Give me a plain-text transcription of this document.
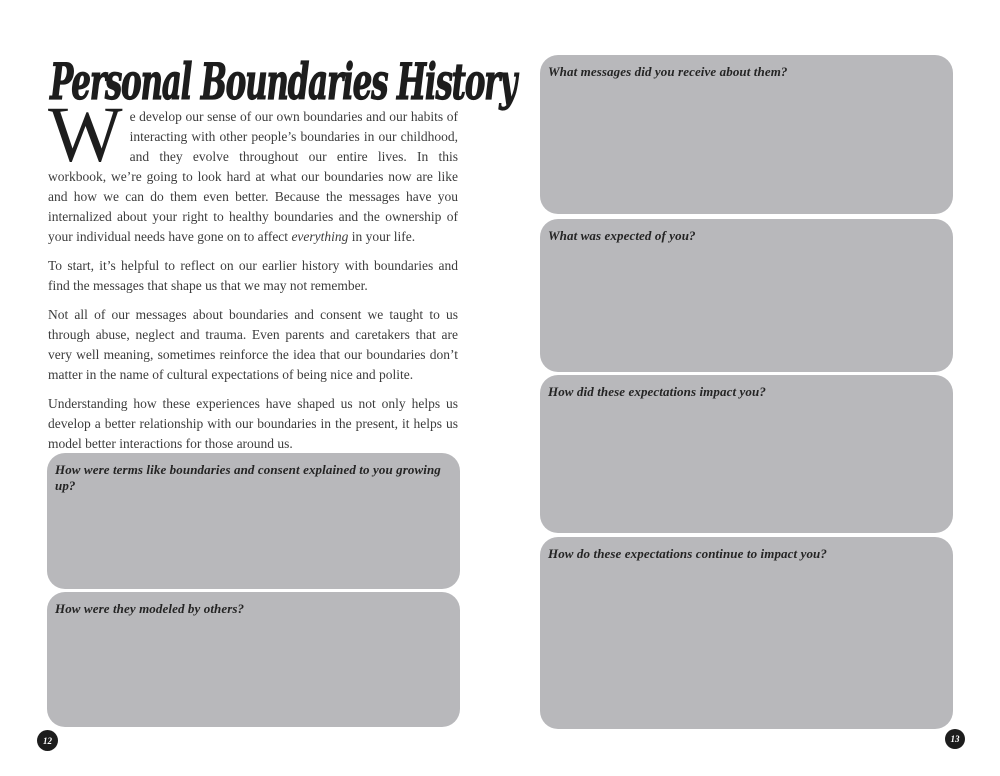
Personal Boundaries History

We develop our sense of our own boundaries and our habits of interacting with other people’s boundaries in our childhood, and they evolve throughout our entire lives. In this workbook, we’re going to look hard at what our boundaries now are like and how we can do them even better. Because the messages have you internalized about your right to healthy boundaries and the ownership of your individual needs have gone on to affect everything in your life.

To start, it’s helpful to reflect on our earlier history with boundaries and find the messages that shape us that we may not remember.

Not all of our messages about boundaries and consent we taught to us through abuse, neglect and trauma. Even parents and caretakers that are very well meaning, sometimes reinforce the idea that our boundaries don’t matter in the name of cultural expectations of being nice and polite.

Understanding how these experiences have shaped us not only helps us develop a better relationship with our boundaries in the present, it helps us model better interactions for those around us.

How were terms like boundaries and consent explained to you growing up?
How were they modeled by others?
12
What messages did you receive about them?
What was expected of you?
How did these expectations impact you?
How do these expectations continue to impact you?
13
